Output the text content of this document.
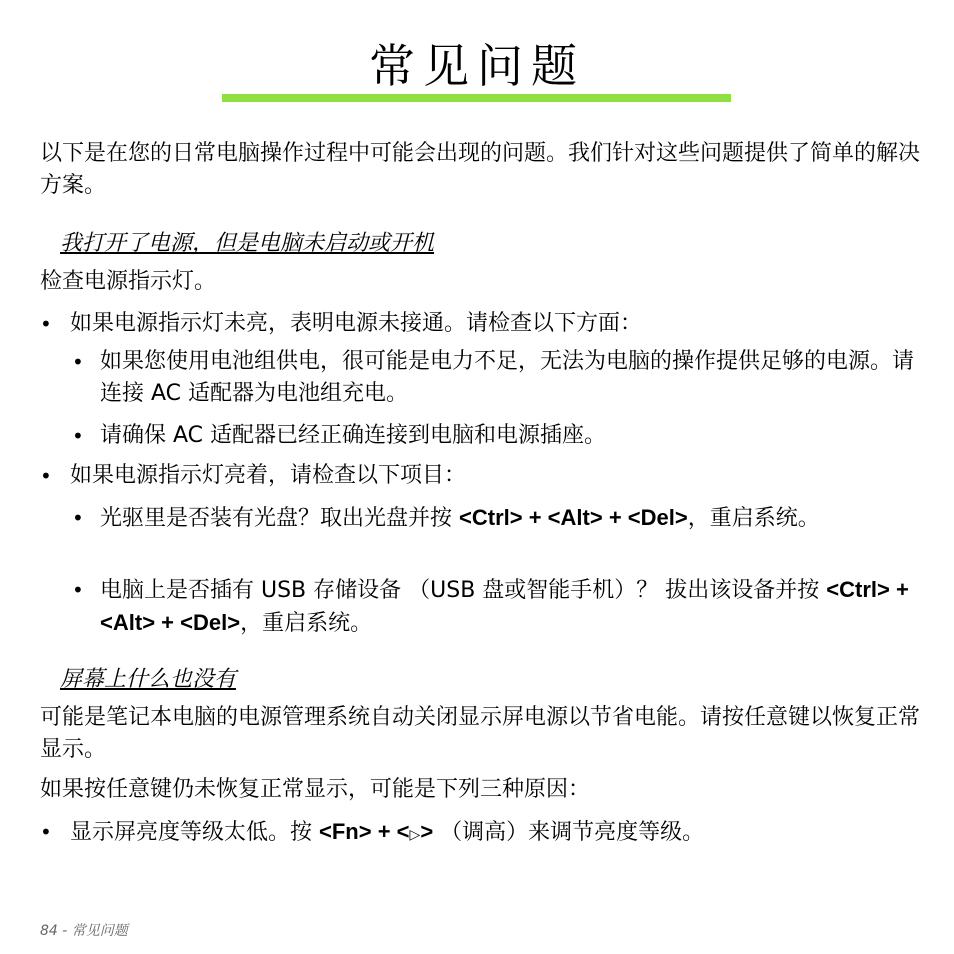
常见问题
以下是在您的日常电脑操作过程中可能会出现的问题。我们针对这些问题提供了简单的解决方案。
我打开了电源，但是电脑未启动或开机
检查电源指示灯。
• 如果电源指示灯未亮，表明电源未接通。请检查以下方面：
• 如果您使用电池组供电，很可能是电力不足，无法为电脑的操作提供足够的电源。请连接 AC 适配器为电池组充电。
• 请确保 AC 适配器已经正确连接到电脑和电源插座。
• 如果电源指示灯亮着，请检查以下项目：
• 光驱里是否装有光盘？取出光盘并按 <Ctrl> + <Alt> + <Del>，重启系统。
• 电脑上是否插有 USB 存储设备 （USB 盘或智能手机）？ 拔出该设备并按 <Ctrl> + <Alt> + <Del>，重启系统。
屏幕上什么也没有
可能是笔记本电脑的电源管理系统自动关闭显示屏电源以节省电能。请按任意键以恢复正常显示。
如果按任意键仍未恢复正常显示，可能是下列三种原因：
• 显示屏亮度等级太低。按 <Fn> + <▷> （调高）来调节亮度等级。
84 - 常见问题
